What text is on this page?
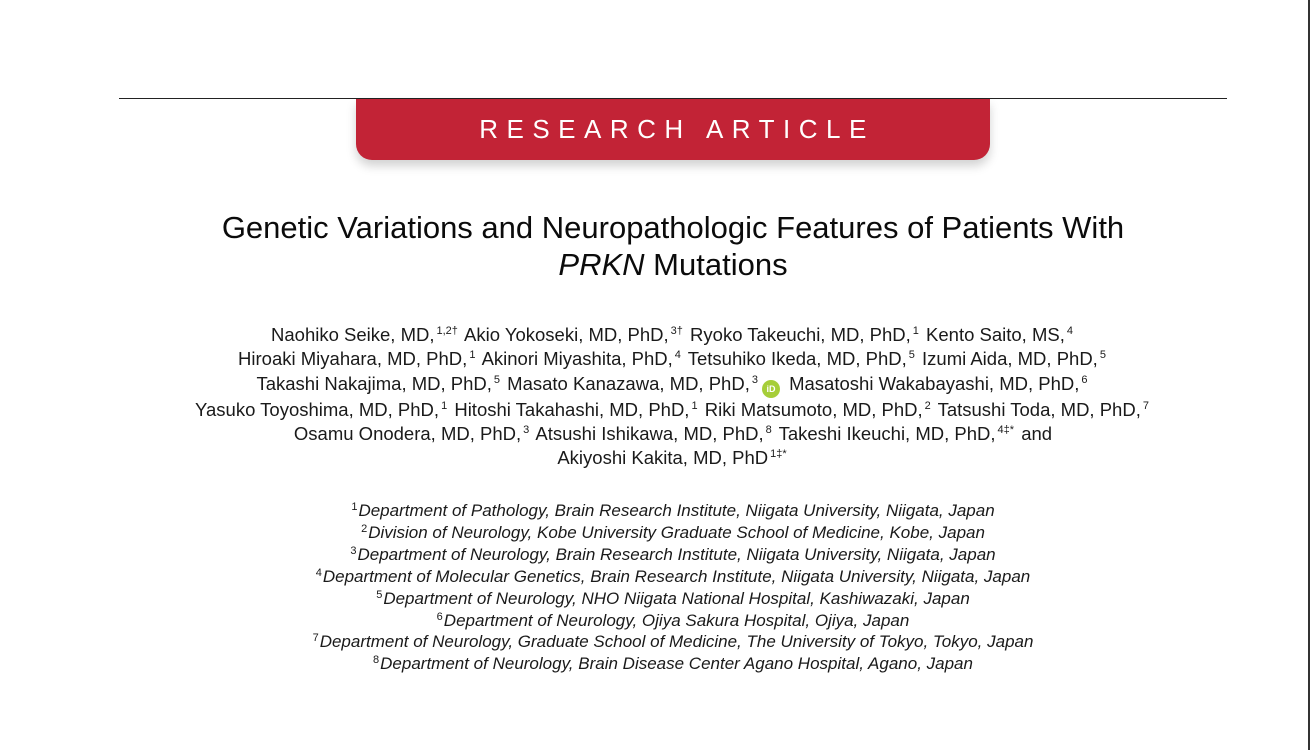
RESEARCH ARTICLE
Genetic Variations and Neuropathologic Features of Patients With
PRKN Mutations
Naohiko Seike, MD, $^{1,2\dagger}$ Akio Yokoseki, MD, PhD, $^{3\dagger}$ Ryoko Takeuchi, MD, PhD, $^1$ Kento Saito, MS, $^4$
Hiroaki Miyahara, MD, PhD, $^1$ Akinori Miyashita, PhD, $^4$ Tetsuhiko Ikeda, MD, PhD, $^5$ Izumi Aida, MD, PhD, $^5$
Takashi Nakajima, MD, PhD, $^5$ Masato Kanazawa, MD, PhD, $^3$iD Masatoshi Wakabayashi, MD, PhD, $^6$
Yasuko Toyoshima, MD, PhD, $^1$ Hitoshi Takahashi, MD, PhD, $^1$ Riki Matsumoto, MD, PhD, $^2$ Tatsushi Toda, MD, PhD, $^7$
Osamu Onodera, MD, PhD, $^3$ Atsushi Ishikawa, MD, PhD, $^8$ Takeshi Ikeuchi, MD, PhD, $^{4\ddagger*}$ and
Akiyoshi Kakita, MD, PhD $^{1\ddagger*}$
$^1$Department of Pathology, Brain Research Institute, Niigata University, Niigata, Japan
$^2$Division of Neurology, Kobe University Graduate School of Medicine, Kobe, Japan
$^3$Department of Neurology, Brain Research Institute, Niigata University, Niigata, Japan
$^4$Department of Molecular Genetics, Brain Research Institute, Niigata University, Niigata, Japan
$^5$Department of Neurology, NHO Niigata National Hospital, Kashiwazaki, Japan
$^6$Department of Neurology, Ojiya Sakura Hospital, Ojiya, Japan
$^7$Department of Neurology, Graduate School of Medicine, The University of Tokyo, Tokyo, Japan
$^8$Department of Neurology, Brain Disease Center Agano Hospital, Agano, Japan
